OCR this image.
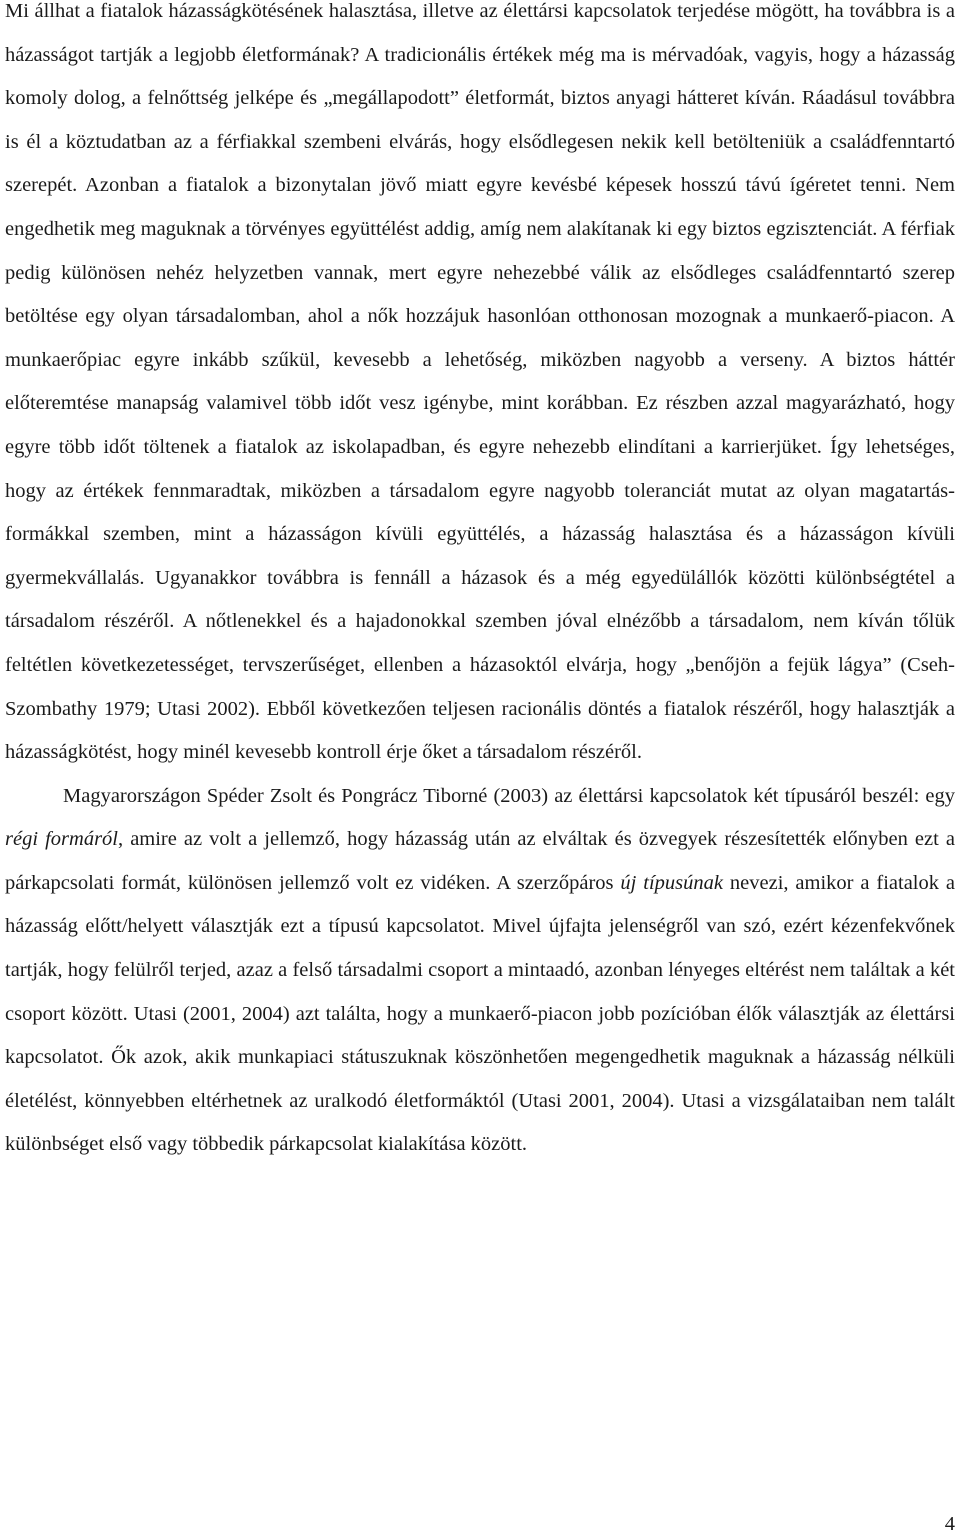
Mi állhat a fiatalok házasságkötésének halasztása, illetve az élettársi kapcsolatok terjedése mögött, ha továbbra is a házasságot tartják a legjobb életformának? A tradicionális értékek még ma is mérvadóak, vagyis, hogy a házasság komoly dolog, a felnőttség jelképe és „megállapodott” életformát, biztos anyagi hátteret kíván. Ráadásul továbbra is él a köztudatban az a férfiakkal szembeni elvárás, hogy elsődlegesen nekik kell betölteniük a családfenntartó szerepét. Azonban a fiatalok a bizonytalan jövő miatt egyre kevésbé képesek hosszú távú ígéretet tenni. Nem engedhetik meg maguknak a törvényes együttélést addig, amíg nem alakítanak ki egy biztos egzisztenciát. A férfiak pedig különösen nehéz helyzetben vannak, mert egyre nehezebbé válik az elsődleges családfenntartó szerep betöltése egy olyan társadalomban, ahol a nők hozzájuk hasonlóan otthonosan mozognak a munkaerő-piacon. A munkaerőpiac egyre inkább szűkül, kevesebb a lehetőség, miközben nagyobb a verseny. A biztos háttér előteremtése manapság valamivel több időt vesz igénybe, mint korábban. Ez részben azzal magyarázható, hogy egyre több időt töltenek a fiatalok az iskolapadban, és egyre nehezebb elindítani a karrierjüket. Így lehetséges, hogy az értékek fennmaradtak, miközben a társadalom egyre nagyobb toleranciát mutat az olyan magatartás-formákkal szemben, mint a házasságon kívüli együttélés, a házasság halasztása és a házasságon kívüli gyermekvállalás. Ugyanakkor továbbra is fennáll a házasok és a még egyedülállók közötti különbségtétel a társadalom részéről. A nőtlenekkel és a hajadonokkal szemben jóval elnézőbb a társadalom, nem kíván tőlük feltétlen következetességet, tervszerűséget, ellenben a házasoktól elvárja, hogy „benőjön a fejük lágya” (Cseh-Szombathy 1979; Utasi 2002). Ebből következően teljesen racionális döntés a fiatalok részéről, hogy halasztják a házasságkötést, hogy minél kevesebb kontroll érje őket a társadalom részéről.

Magyarországon Spéder Zsolt és Pongrácz Tiborné (2003) az élettársi kapcsolatok két típusáról beszél: egy régi formáról, amire az volt a jellemző, hogy házasság után az elváltak és özvegyek részesítették előnyben ezt a párkapcsolati formát, különösen jellemző volt ez vidéken. A szerzőpáros új típusúnak nevezi, amikor a fiatalok a házasság előtt/helyett választják ezt a típusú kapcsolatot. Mivel újfajta jelenségről van szó, ezért kézenfekvőnek tartják, hogy felülről terjed, azaz a felső társadalmi csoport a mintaadó, azonban lényeges eltérést nem találtak a két csoport között. Utasi (2001, 2004) azt találta, hogy a munkaerő-piacon jobb pozícióban élők választják az élettársi kapcsolatot. Ők azok, akik munkapiaci státuszuknak köszönhetően megengedhetik maguknak a házasság nélküli életélést, könnyebben eltérhetnek az uralkodó életformáktól (Utasi 2001, 2004). Utasi a vizsgálataiban nem talált különbséget első vagy többedik párkapcsolat kialakítása között.

4
